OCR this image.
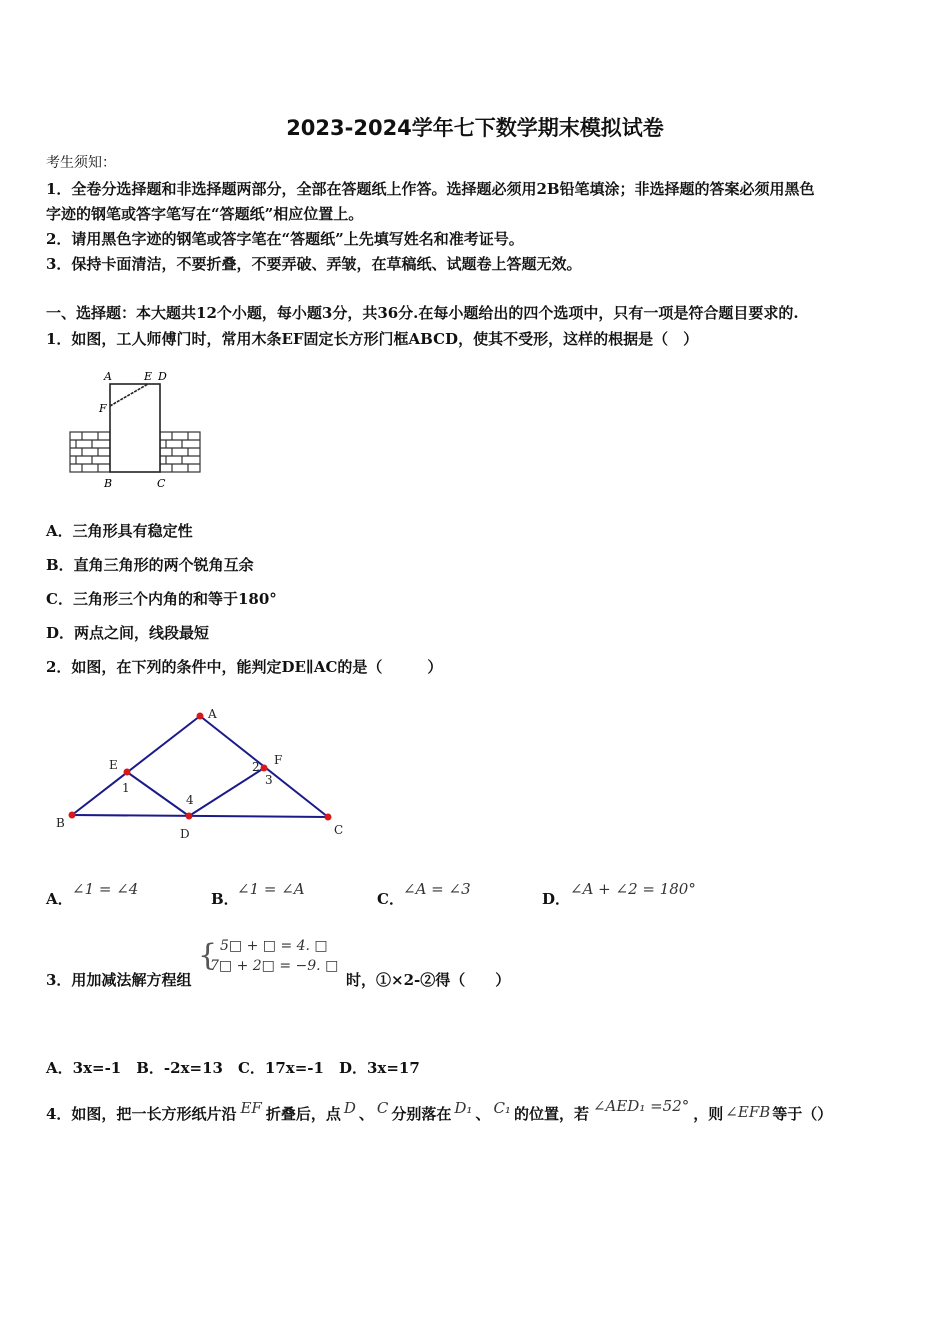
2023-2024学年七下数学期末模拟试卷
考生须知：
1．全卷分选择题和非选择题两部分，全部在答题纸上作答。选择题必须用2B铅笔填涂；非选择题的答案必须用黑色
字迹的钢笔或答字笔写在“答题纸”相应位置上。
2．请用黑色字迹的钢笔或答字笔在“答题纸”上先填写姓名和准考证号。
3．保持卡面清洁，不要折叠，不要弄破、弄皱，在草稿纸、试题卷上答题无效。
一、选择题：本大题共12个小题，每小题3分，共36分.在每小题给出的四个选项中，只有一项是符合题目要求的.
1．如图，工人师傅门时，常用木条EF固定长方形门框ABCD，使其不受形，这样的根据是（　）
A	E D
F
B	C
A．三角形具有稳定性
B．直角三角形的两个锐角互余
C．三角形三个内角的和等于180°
D．两点之间，线段最短
2．如图，在下列的条件中，能判定DE∥AC的是（　　　）
A
E	F
B
D	C
1
2
3
4
A．
∠1 = ∠4
B．
∠1 = ∠A
C．
∠A = ∠3
D．
∠A + ∠2 = 180°
3．用加减法解方程组
{ 5□ + □ = 4. □
7□ + 2□ = −9. □
时，①×2-②得（　　）
A．3x=-1　B．-2x=13　C．17x=-1　D．3x=17
4．如图，把一长方形纸片沿 EF 折叠后，点 D 、 C 分别落在 D₁ 、 C₁ 的位置，若 ∠AED₁ =52° ，则 ∠EFB 等于（）
